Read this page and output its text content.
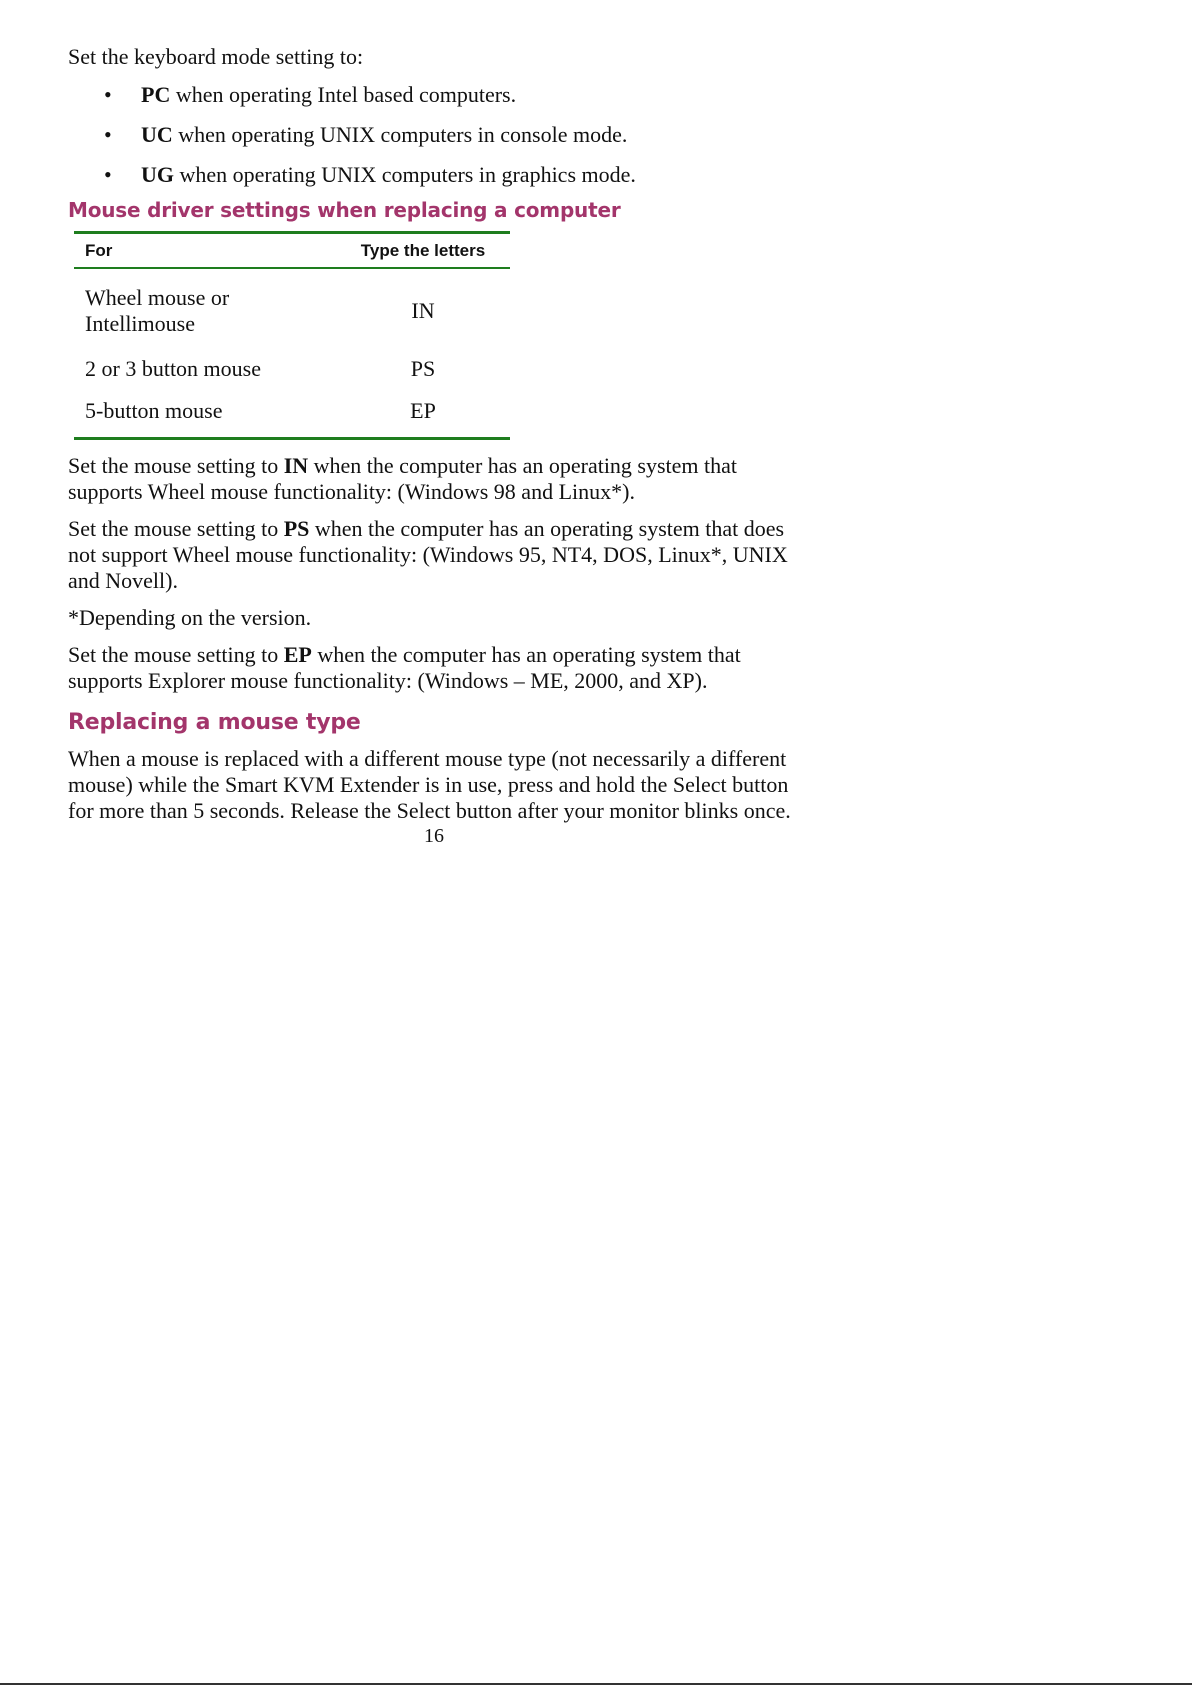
Set the keyboard mode setting to:

• PC when operating Intel based computers.
• UC when operating UNIX computers in console mode.
• UG when operating UNIX computers in graphics mode.
Mouse driver settings when replacing a computer
For	Type the letters
Wheel mouse or Intellimouse	IN
2 or 3 button mouse	PS
5-button mouse	EP

Set the mouse setting to IN when the computer has an operating system that supports Wheel mouse functionality: (Windows 98 and Linux*).

Set the mouse setting to PS when the computer has an operating system that does not support Wheel mouse functionality: (Windows 95, NT4, DOS, Linux*, UNIX and Novell).

*Depending on the version.

Set the mouse setting to EP when the computer has an operating system that supports Explorer mouse functionality: (Windows – ME, 2000, and XP).

Replacing a mouse type

When a mouse is replaced with a different mouse type (not necessarily a different mouse) while the Smart KVM Extender is in use, press and hold the Select button for more than 5 seconds. Release the Select button after your monitor blinks once.

16
